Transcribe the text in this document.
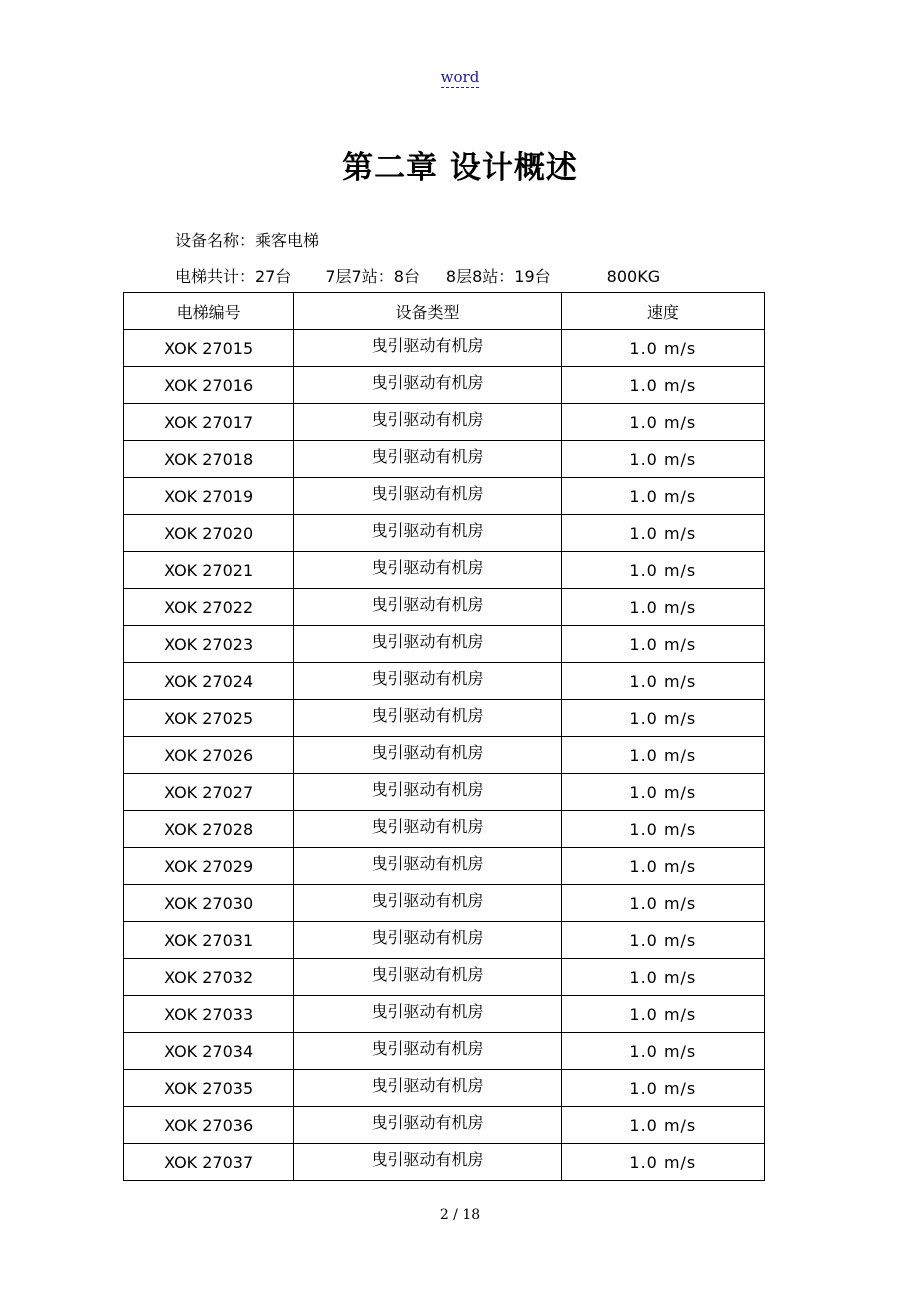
word
第二章 设计概述
设备名称：乘客电梯
电梯共计：27台 7层7站：8台 8层8站：19台	800KG
电梯编号	设备类型	速度
XOK 27015	曳引驱动有机房	1.0 m/s
XOK 27016	曳引驱动有机房	1.0 m/s
XOK 27017	曳引驱动有机房	1.0 m/s
XOK 27018	曳引驱动有机房	1.0 m/s
XOK 27019	曳引驱动有机房	1.0 m/s
XOK 27020	曳引驱动有机房	1.0 m/s
XOK 27021	曳引驱动有机房	1.0 m/s
XOK 27022	曳引驱动有机房	1.0 m/s
XOK 27023	曳引驱动有机房	1.0 m/s
XOK 27024	曳引驱动有机房	1.0 m/s
XOK 27025	曳引驱动有机房	1.0 m/s
XOK 27026	曳引驱动有机房	1.0 m/s
XOK 27027	曳引驱动有机房	1.0 m/s
XOK 27028	曳引驱动有机房	1.0 m/s
XOK 27029	曳引驱动有机房	1.0 m/s
XOK 27030	曳引驱动有机房	1.0 m/s
XOK 27031	曳引驱动有机房	1.0 m/s
XOK 27032	曳引驱动有机房	1.0 m/s
XOK 27033	曳引驱动有机房	1.0 m/s
XOK 27034	曳引驱动有机房	1.0 m/s
XOK 27035	曳引驱动有机房	1.0 m/s
XOK 27036	曳引驱动有机房	1.0 m/s
XOK 27037	曳引驱动有机房	1.0 m/s
2 / 18
